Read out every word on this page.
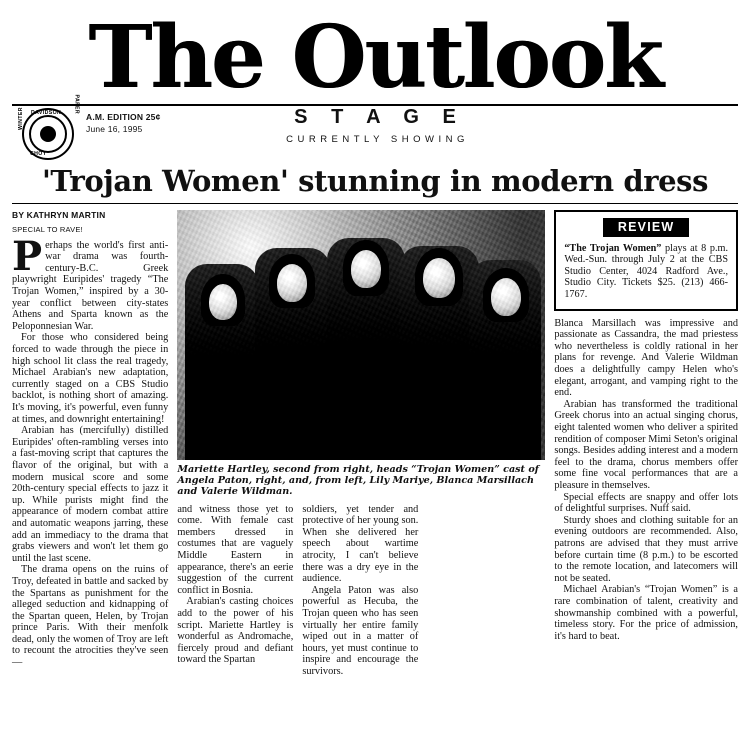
The Outlook
DAVIDSON
CHOY
WINTER
PAPER
A.M. EDITION 25¢
June 16, 1995
S T A G E
CURRENTLY SHOWING
'Trojan Women' stunning in modern dress
BY KATHRYN MARTIN
SPECIAL TO RAVE!

Perhaps the world's first anti-war drama was fourth-century-B.C. Greek playwright Euripides' tragedy “The Trojan Women,” inspired by a 30-year conflict between city-states Athens and Sparta known as the Peloponnesian War.

For those who considered being forced to wade through the piece in high school lit class the real tragedy, Michael Arabian's new adaptation, currently staged on a CBS Studio backlot, is nothing short of amazing. It's moving, it's powerful, even funny at times, and downright entertaining!

Arabian has (mercifully) distilled Euripides' often-rambling verses into a fast-moving script that captures the flavor of the original, but with a modern musical score and some 20th-century special effects to jazz it up. While purists might find the appearance of modern combat attire and automatic weapons jarring, these add an immediacy to the drama that grabs viewers and won't let them go until the last scene.

The drama opens on the ruins of Troy, defeated in battle and sacked by the Spartans as punishment for the alleged seduction and kidnapping of the Spartan queen, Helen, by Trojan prince Paris. With their menfolk dead, only the women of Troy are left to recount the atrocities they've seen —

Mariette Hartley, second from right, heads “Trojan Women” cast of Angela Paton, right, and, from left, Lily Mariye, Blanca Marsillach and Valerie Wildman.

and witness those yet to come. With female cast members dressed in costumes that are vaguely Middle Eastern in appearance, there's an eerie suggestion of the current conflict in Bosnia.

Arabian's casting choices add to the power of his script. Mariette Hartley is wonderful as Andromache, fiercely proud and defiant toward the Spartan

soldiers, yet tender and protective of her young son. When she delivered her speech about wartime atrocity, I can't believe there was a dry eye in the audience.

Angela Paton was also powerful as Hecuba, the Trojan queen who has seen virtually her entire family wiped out in a matter of hours, yet must continue to inspire and encourage the survivors.

REVIEW

“The Trojan Women” plays at 8 p.m. Wed.-Sun. through July 2 at the CBS Studio Center, 4024 Radford Ave., Studio City. Tickets $25. (213) 466-1767.

Blanca Marsillach was impressive and passionate as Cassandra, the mad priestess who nevertheless is coldly rational in her plans for revenge. And Valerie Wildman does a delightfully campy Helen who's elegant, arrogant, and vamping right to the end.

Arabian has transformed the traditional Greek chorus into an actual singing chorus, eight talented women who deliver a spirited rendition of composer Mimi Seton's original songs. Besides adding interest and a modern feel to the drama, chorus members offer some fine vocal performances that are a pleasure in themselves.

Special effects are snappy and offer lots of delightful surprises. Nuff said.

Sturdy shoes and clothing suitable for an evening outdoors are recommended. Also, patrons are advised that they must arrive before curtain time (8 p.m.) to be escorted to the remote location, and latecomers will not be seated.

Michael Arabian's “Trojan Women” is a rare combination of talent, creativity and showmanship combined with a powerful, timeless story. For the price of admission, it's hard to beat.
